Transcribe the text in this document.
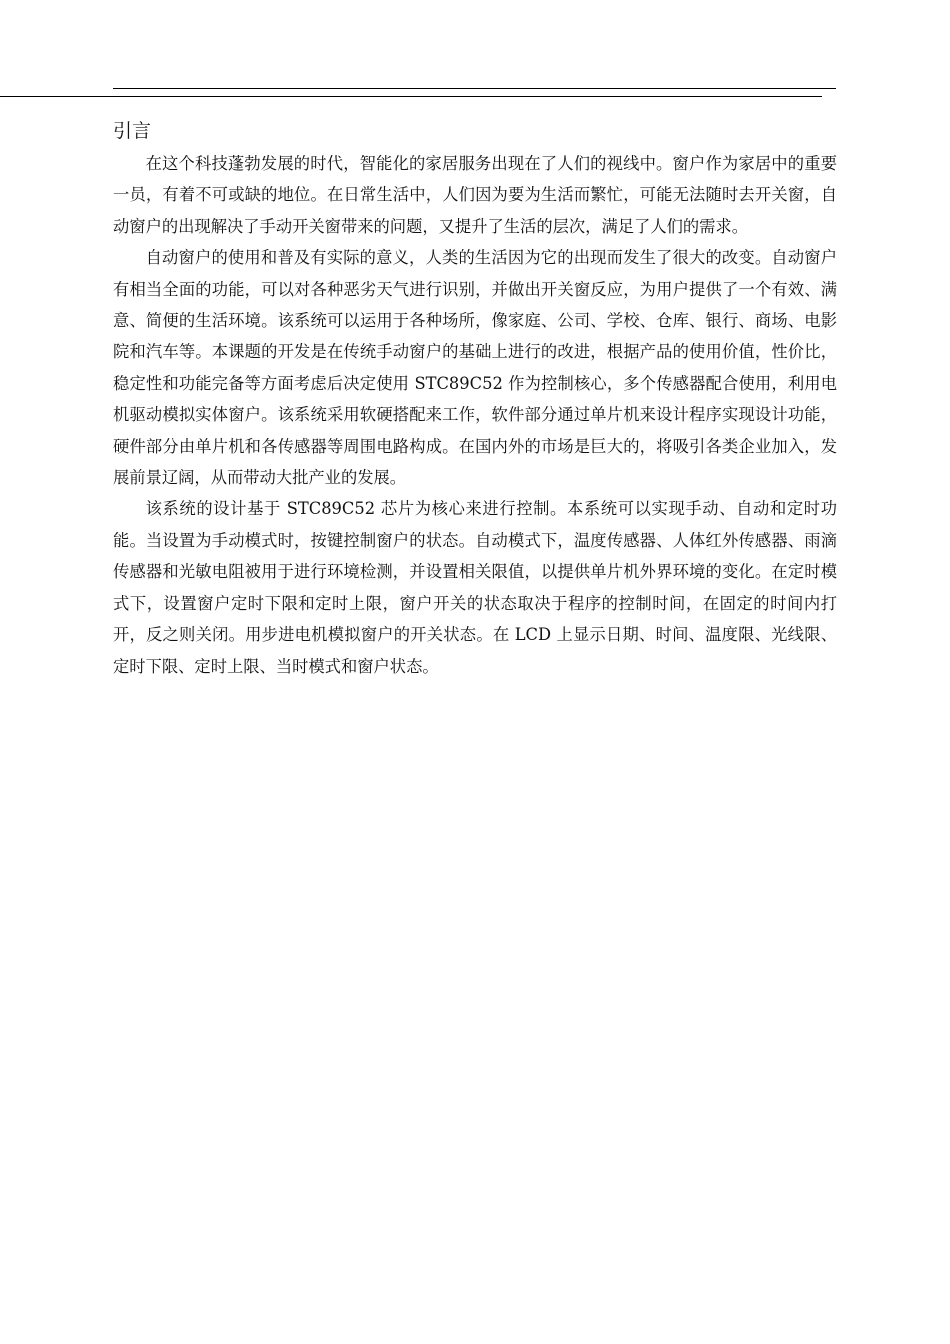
引言

在这个科技蓬勃发展的时代，智能化的家居服务出现在了人们的视线中。窗户作为家居中的重要一员，有着不可或缺的地位。在日常生活中，人们因为要为生活而繁忙，可能无法随时去开关窗，自动窗户的出现解决了手动开关窗带来的问题，又提升了生活的层次，满足了人们的需求。

自动窗户的使用和普及有实际的意义，人类的生活因为它的出现而发生了很大的改变。自动窗户有相当全面的功能，可以对各种恶劣天气进行识别，并做出开关窗反应，为用户提供了一个有效、满意、简便的生活环境。该系统可以运用于各种场所，像家庭、公司、学校、仓库、银行、商场、电影院和汽车等。本课题的开发是在传统手动窗户的基础上进行的改进，根据产品的使用价值，性价比，稳定性和功能完备等方面考虑后决定使用 STC89C52 作为控制核心，多个传感器配合使用，利用电机驱动模拟实体窗户。该系统采用软硬搭配来工作，软件部分通过单片机来设计程序实现设计功能，硬件部分由单片机和各传感器等周围电路构成。在国内外的市场是巨大的，将吸引各类企业加入，发展前景辽阔，从而带动大批产业的发展。

该系统的设计基于 STC89C52 芯片为核心来进行控制。本系统可以实现手动、自动和定时功能。当设置为手动模式时，按键控制窗户的状态。自动模式下，温度传感器、人体红外传感器、雨滴传感器和光敏电阻被用于进行环境检测，并设置相关限值，以提供单片机外界环境的变化。在定时模式下，设置窗户定时下限和定时上限，窗户开关的状态取决于程序的控制时间，在固定的时间内打开，反之则关闭。用步进电机模拟窗户的开关状态。在 LCD 上显示日期、时间、温度限、光线限、定时下限、定时上限、当时模式和窗户状态。
